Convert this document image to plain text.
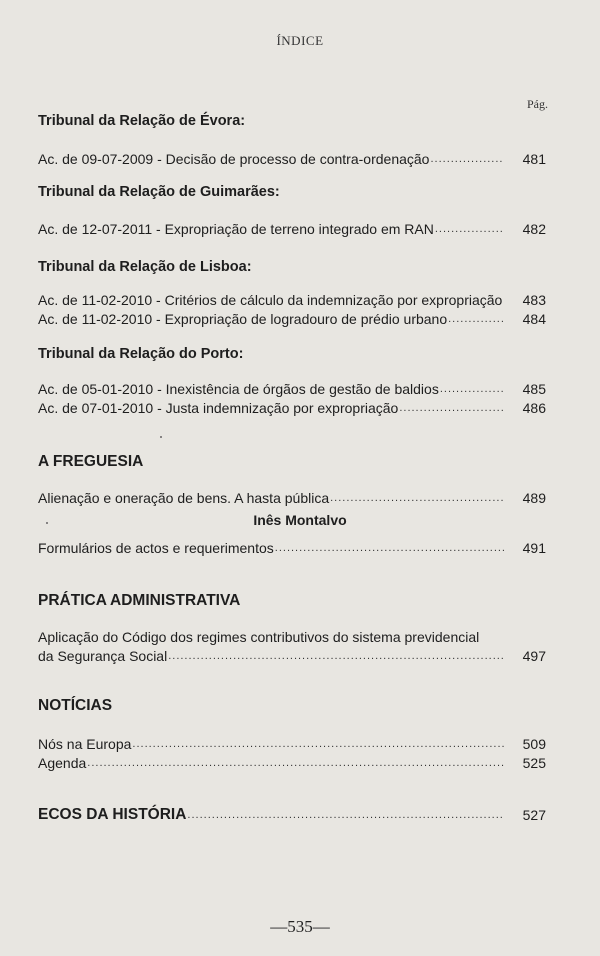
ÍNDICE
Pág.
Tribunal da Relação de Évora:
Ac. de 09-07-2009 - Decisão de processo de contra-ordenação .....	481
Tribunal da Relação de Guimarães:
Ac. de 12-07-2011 - Expropriação de terreno integrado em RAN .....	482
Tribunal da Relação de Lisboa:
Ac. de 11-02-2010 - Critérios de cálculo da indemnização por expropriação	483
Ac. de 11-02-2010 - Expropriação de logradouro de prédio urbano .....	484
Tribunal da Relação do Porto:
Ac. de 05-01-2010 - Inexistência de órgãos de gestão de baldios .....	485
Ac. de 07-01-2010 - Justa indemnização por expropriação .....	486
A FREGUESIA
Alienação e oneração de bens. A hasta pública .....	489
Inês Montalvo
Formulários de actos e requerimentos .....	491
PRÁTICA ADMINISTRATIVA
Aplicação do Código dos regimes contributivos do sistema previdencial
da Segurança Social .....	497
NOTÍCIAS
Nós na Europa .....	509
Agenda .....	525
ECOS DA HISTÓRIA .....	527
—535—
